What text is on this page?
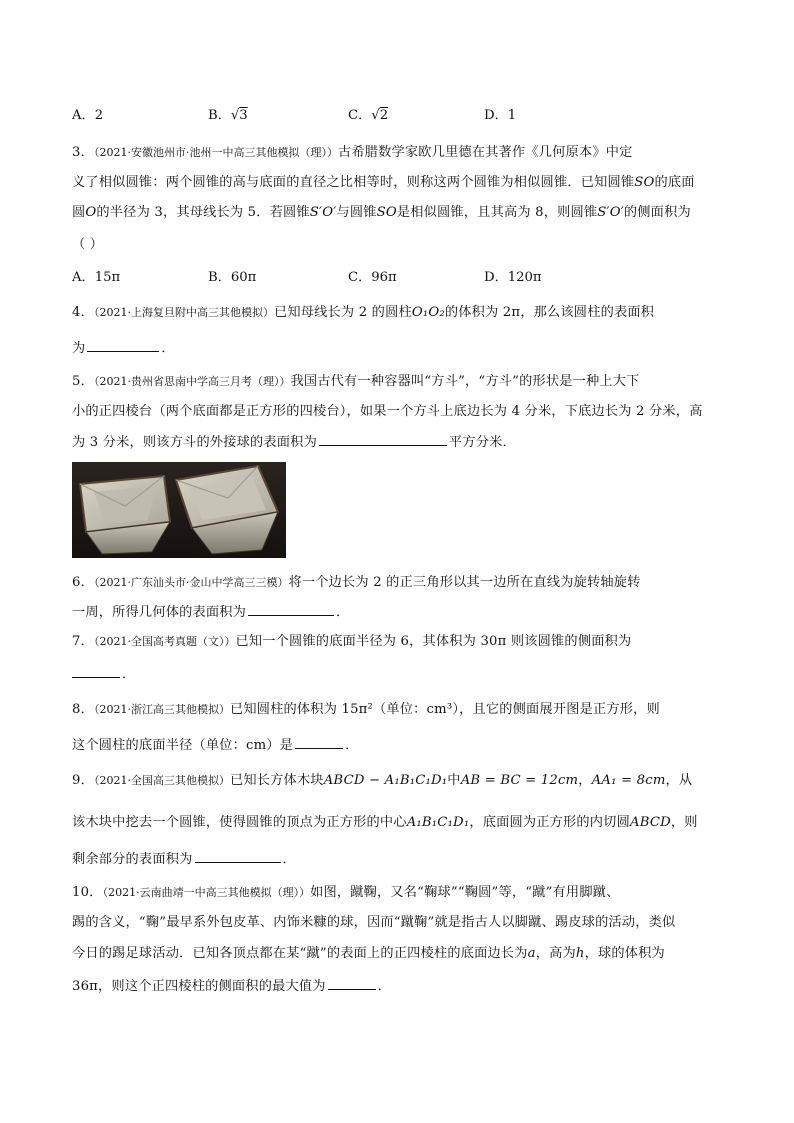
A．2	B．√3	C．√2	D．1
3．（2021·安徽池州市·池州一中高三其他模拟（理））古希腊数学家欧几里德在其著作《几何原本》中定
义了相似圆锥：两个圆锥的高与底面的直径之比相等时，则称这两个圆锥为相似圆锥．已知圆锥SO的底面
圆O的半径为 3，其母线长为 5．若圆锥S′O′与圆锥SO是相似圆锥，且其高为 8，则圆锥S′O′的侧面积为
（ ）
A．15π	B．60π	C．96π	D．120π
4．（2021·上海复旦附中高三其他模拟）已知母线长为 2 的圆柱O₁O₂的体积为 2π，那么该圆柱的表面积
为	．
5．（2021·贵州省思南中学高三月考（理））我国古代有一种容器叫“方斗”，“方斗”的形状是一种上大下
小的正四棱台（两个底面都是正方形的四棱台），如果一个方斗上底边长为 4 分米，下底边长为 2 分米，高
为 3 分米，则该方斗的外接球的表面积为	平方分米．
6．（2021·广东汕头市·金山中学高三三模）将一个边长为 2 的正三角形以其一边所在直线为旋转轴旋转
一周，所得几何体的表面积为	．
7．（2021·全国高考真题（文））已知一个圆锥的底面半径为 6，其体积为 30π 则该圆锥的侧面积为
．
8．（2021·浙江高三其他模拟）已知圆柱的体积为 15π²（单位：cm³），且它的侧面展开图是正方形，则
这个圆柱的底面半径（单位：cm）是	．
9．（2021·全国高三其他模拟）已知长方体木块ABCD − A₁B₁C₁D₁中AB = BC = 12cm，AA₁ = 8cm，从
该木块中挖去一个圆锥，使得圆锥的顶点为正方形的中心A₁B₁C₁D₁，底面圆为正方形的内切圆ABCD，则
剩余部分的表面积为	．
10．（2021·云南曲靖一中高三其他模拟（理））如图，蹴鞠，又名“鞠球”“鞠圆”等，“蹴”有用脚蹴、
踢的含义，“鞠”最早系外包皮革、内饰米糠的球，因而“蹴鞠”就是指古人以脚蹴、踢皮球的活动，类似
今日的踢足球活动．已知各顶点都在某“蹴”的表面上的正四棱柱的底面边长为a，高为h，球的体积为
36π，则这个正四棱柱的侧面积的最大值为	．
